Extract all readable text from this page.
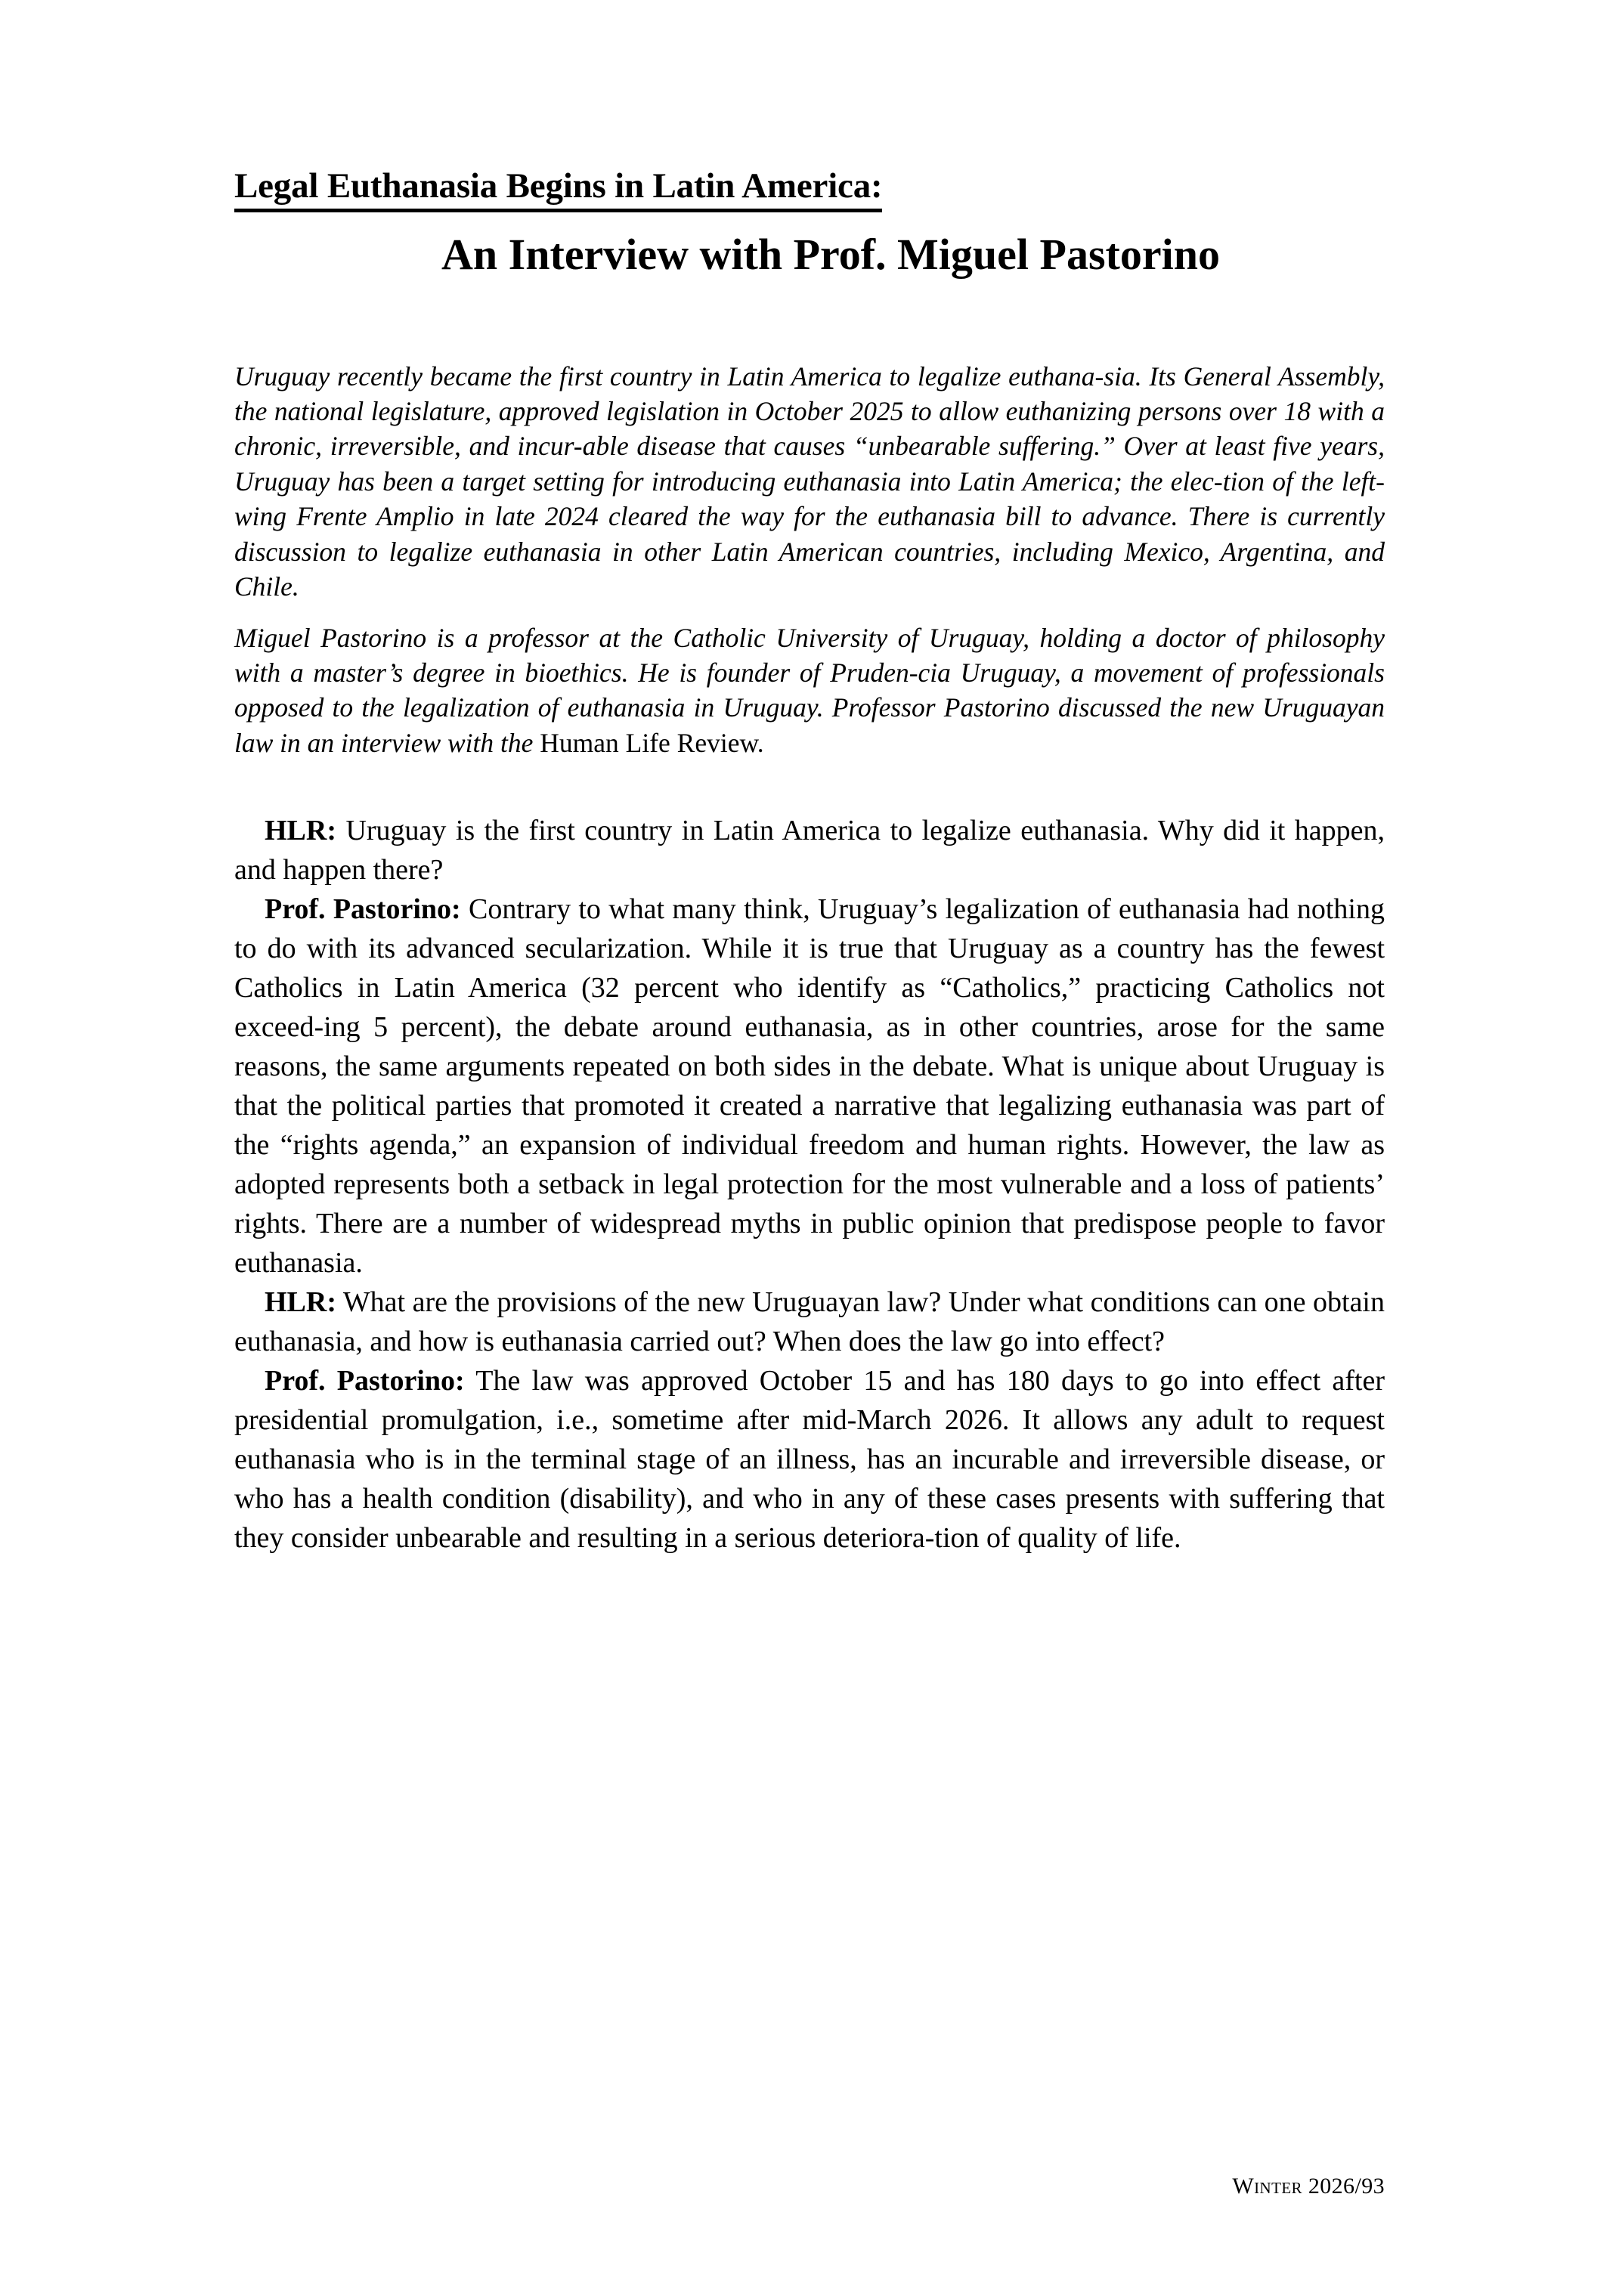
Legal Euthanasia Begins in Latin America:
An Interview with Prof. Miguel Pastorino

Uruguay recently became the first country in Latin America to legalize euthana-sia. Its General Assembly, the national legislature, approved legislation in October 2025 to allow euthanizing persons over 18 with a chronic, irreversible, and incur-able disease that causes “unbearable suffering.” Over at least five years, Uruguay has been a target setting for introducing euthanasia into Latin America; the elec-tion of the left-wing Frente Amplio in late 2024 cleared the way for the euthanasia bill to advance. There is currently discussion to legalize euthanasia in other Latin American countries, including Mexico, Argentina, and Chile.

Miguel Pastorino is a professor at the Catholic University of Uruguay, holding a doctor of philosophy with a master’s degree in bioethics. He is founder of Pruden-cia Uruguay, a movement of professionals opposed to the legalization of euthanasia in Uruguay. Professor Pastorino discussed the new Uruguayan law in an interview with the Human Life Review.

HLR: Uruguay is the first country in Latin America to legalize euthanasia. Why did it happen, and happen there?

Prof. Pastorino: Contrary to what many think, Uruguay’s legalization of euthanasia had nothing to do with its advanced secularization. While it is true that Uruguay as a country has the fewest Catholics in Latin America (32 percent who identify as “Catholics,” practicing Catholics not exceed-ing 5 percent), the debate around euthanasia, as in other countries, arose for the same reasons, the same arguments repeated on both sides in the debate. What is unique about Uruguay is that the political parties that promoted it created a narrative that legalizing euthanasia was part of the “rights agenda,” an expansion of individual freedom and human rights. However, the law as adopted represents both a setback in legal protection for the most vulnerable and a loss of patients’ rights. There are a number of widespread myths in public opinion that predispose people to favor euthanasia.

HLR: What are the provisions of the new Uruguayan law? Under what conditions can one obtain euthanasia, and how is euthanasia carried out? When does the law go into effect?

Prof. Pastorino: The law was approved October 15 and has 180 days to go into effect after presidential promulgation, i.e., sometime after mid-March 2026. It allows any adult to request euthanasia who is in the terminal stage of an illness, has an incurable and irreversible disease, or who has a health condition (disability), and who in any of these cases presents with suffering that they consider unbearable and resulting in a serious deteriora-tion of quality of life.

Winter 2026/93
